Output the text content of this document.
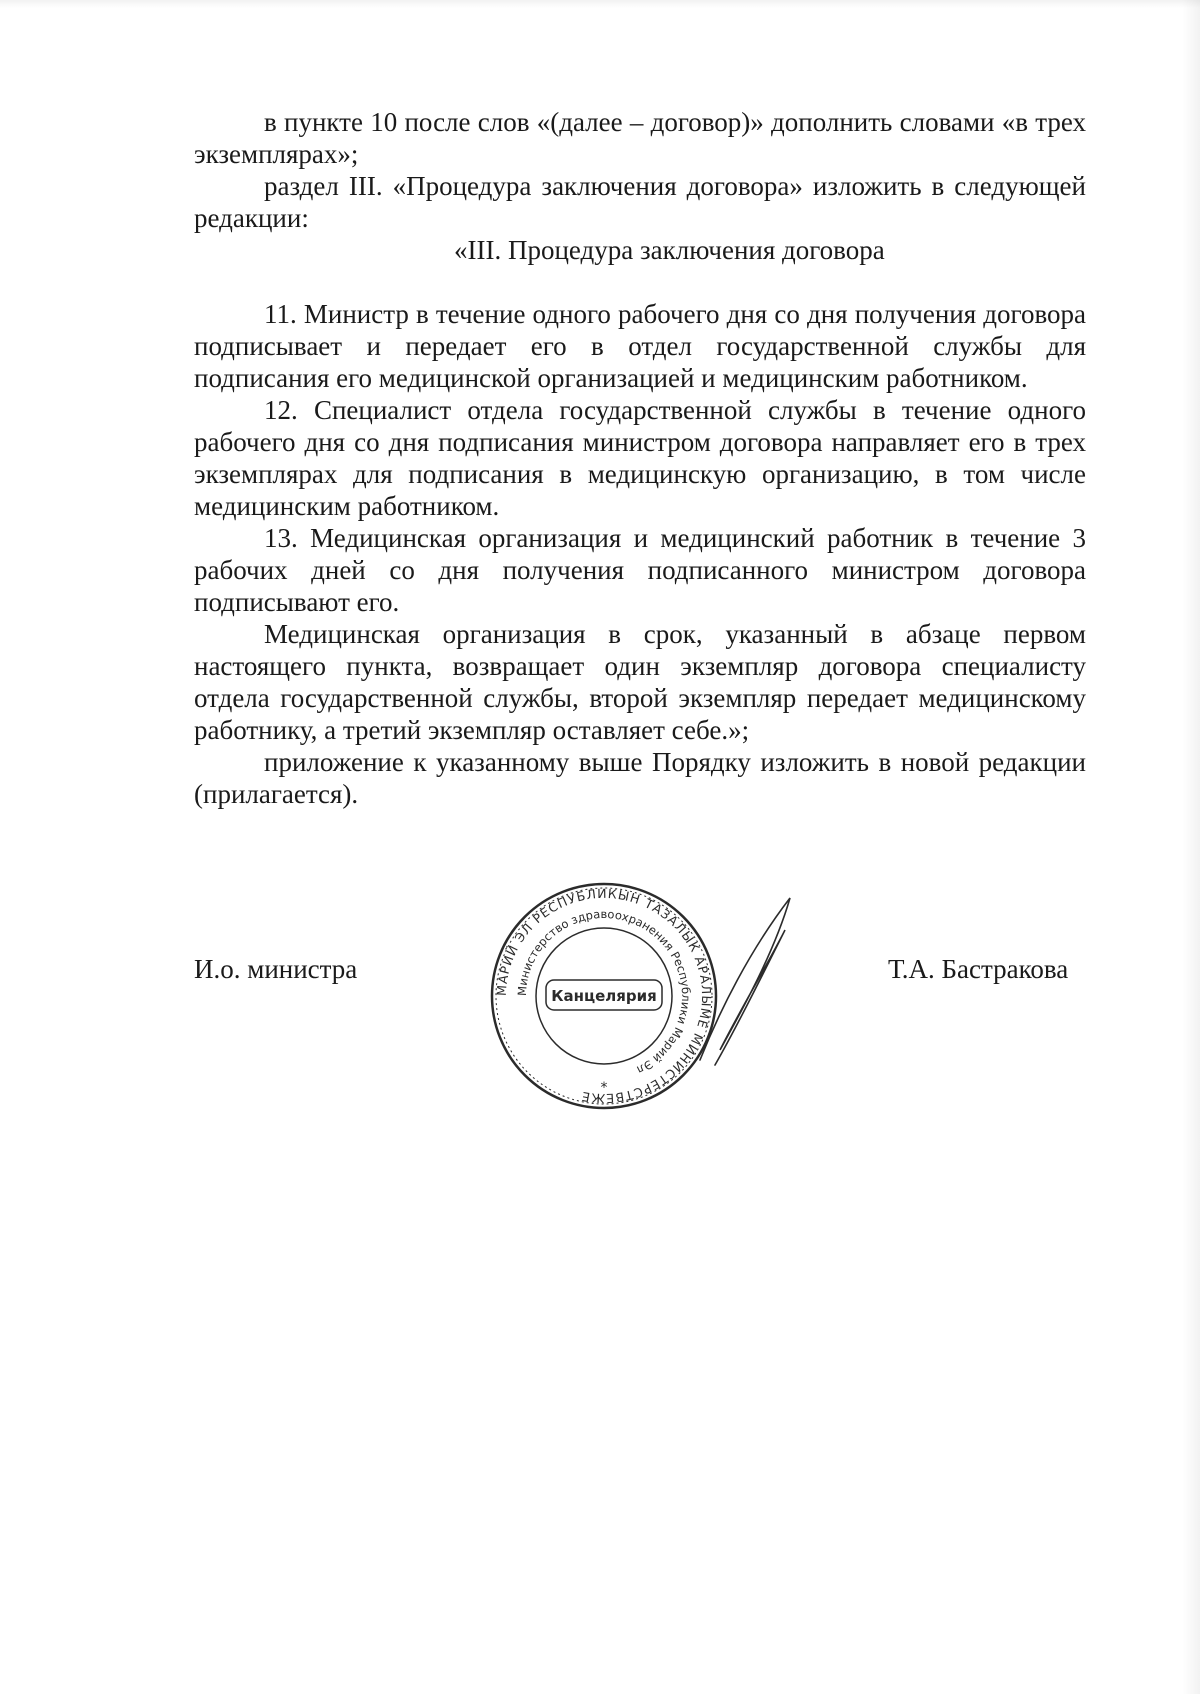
в пункте 10 после слов «(далее – договор)» дополнить словами «в трех экземплярах»;

раздел III. «Процедура заключения договора» изложить в следующей редакции:

«III. Процедура заключения договора

11. Министр в течение одного рабочего дня со дня получения договора подписывает и передает его в отдел государственной службы для подписания его медицинской организацией и медицинским работником.

12. Специалист отдела государственной службы в течение одного рабочего дня со дня подписания министром договора направляет его в трех экземплярах для подписания в медицинскую организацию, в том числе медицинским работником.

13. Медицинская организация и медицинский работник в течение 3 рабочих дней со дня получения подписанного министром договора подписывают его.

Медицинская организация в срок, указанный в абзаце первом настоящего пункта, возвращает один экземпляр договора специалисту отдела государственной службы, второй экземпляр передает медицинскому работнику, а третий экземпляр оставляет себе.»;

приложение к указанному выше Порядку изложить в новой редакции (прилагается).

И.о. министра
МАРИЙ ЭЛ РЕСПУБЛИКЫН ТАЗАЛЫК АРАЛЫМЕ МИНИСТЕРСТВЕЖЕ
Министерство здравоохранения Республики Марий Эл
Канцелярия
*
Т.А. Бастракова
